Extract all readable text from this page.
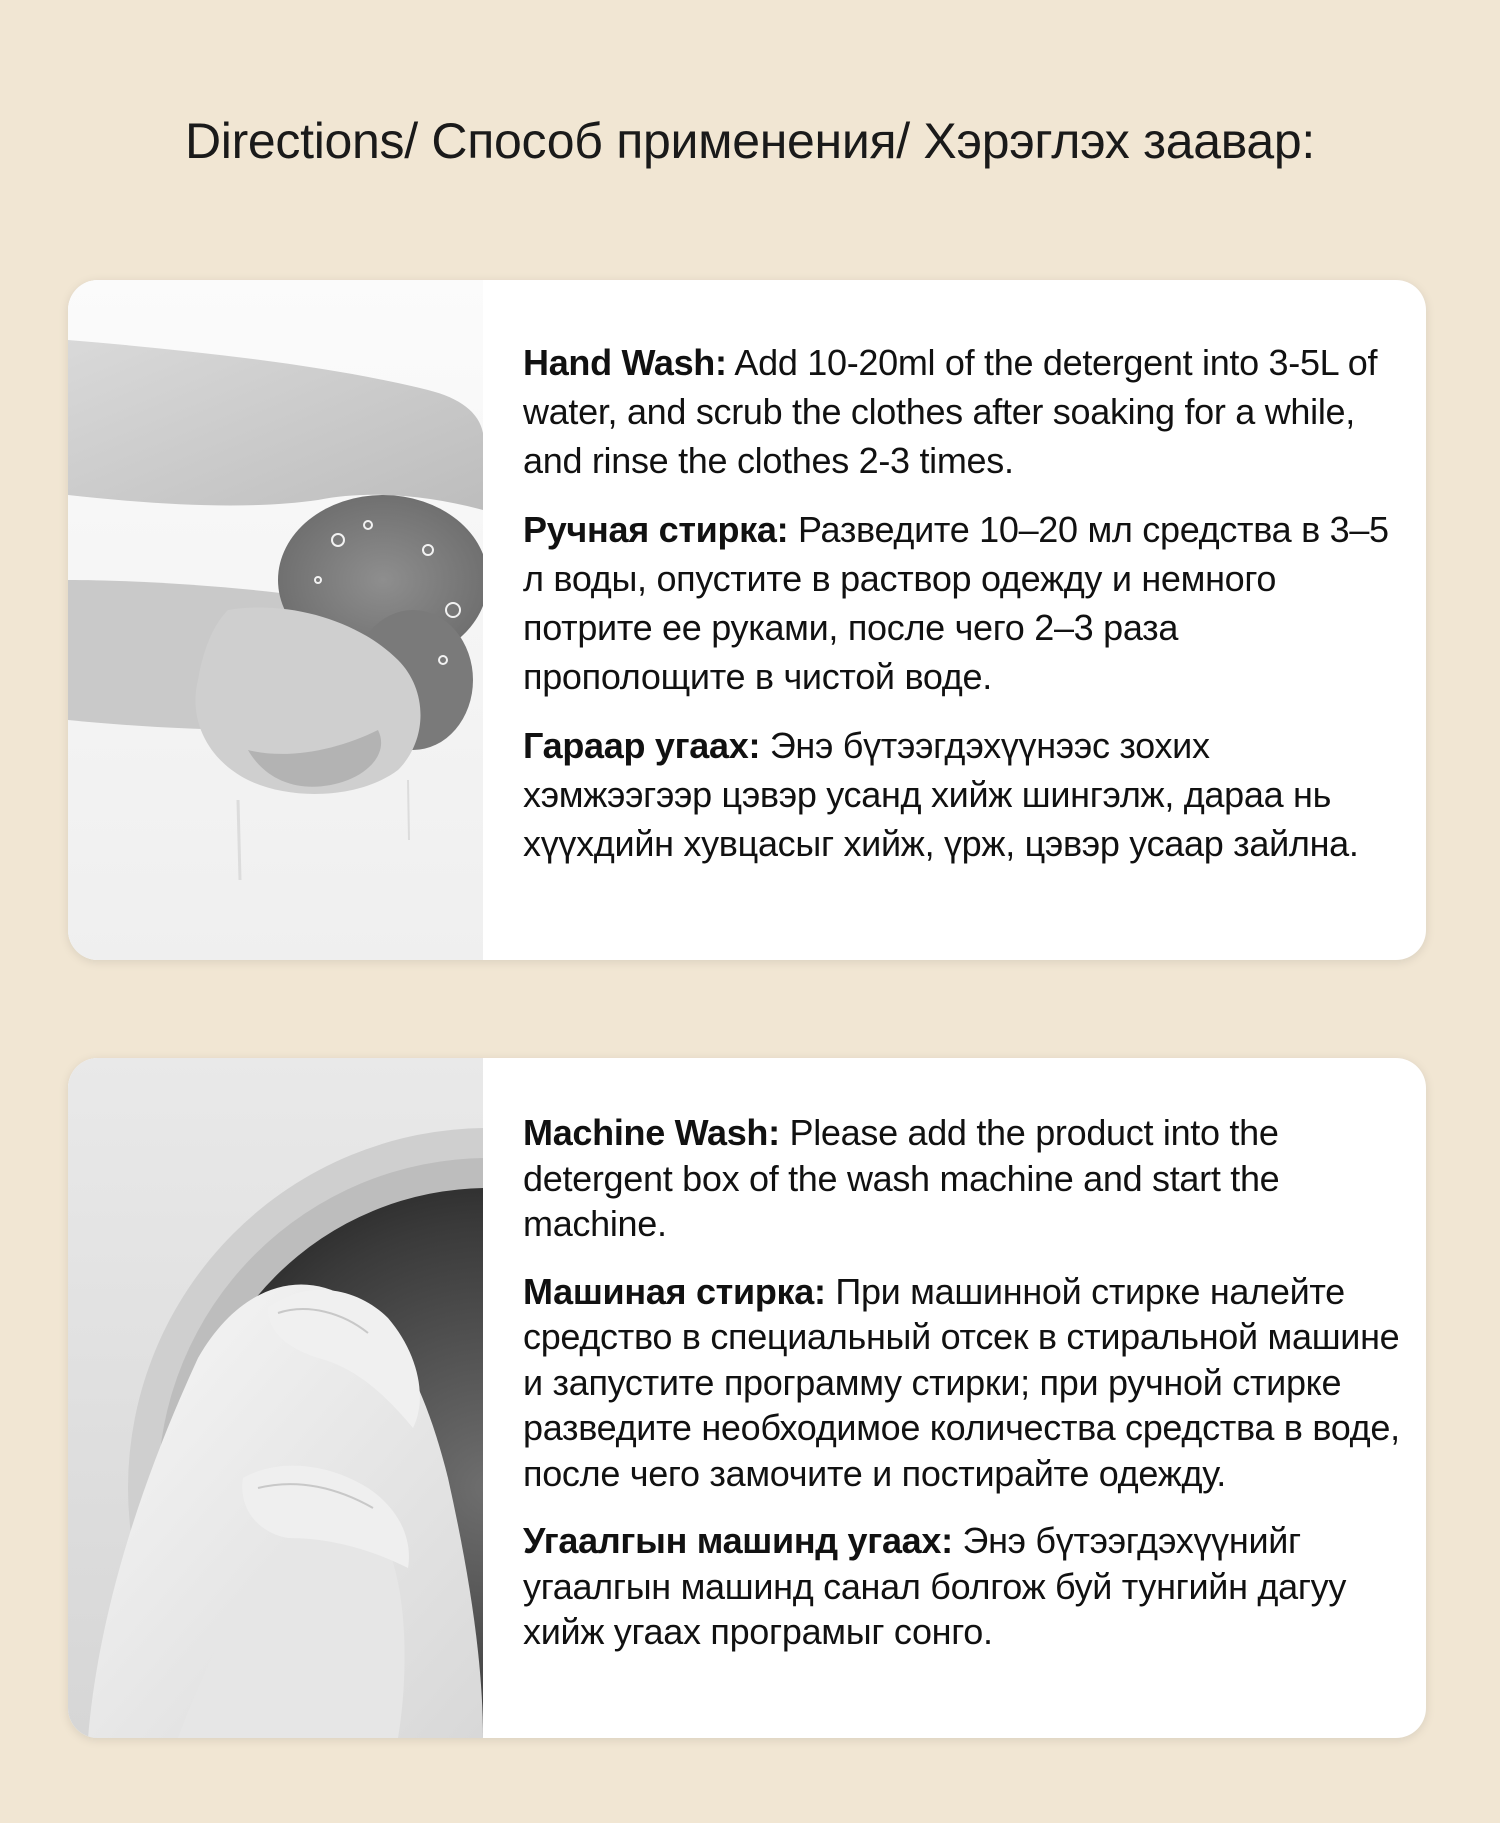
Directions/ Способ применения/ Хэрэглэх заавар:

Hand Wash: Add 10-20ml of the detergent into 3-5L of water, and scrub the clothes after soaking for a while, and rinse the clothes 2-3 times.

Ручная стирка: Разведите 10–20 мл средства в 3–5 л воды, опустите в раствор одежду и немного потрите ее руками, после чего 2–3 раза прополощите в чистой воде.

Гараар угаах: Энэ бүтээгдэхүүнээс зохих хэмжээгээр цэвэр усанд хийж шингэлж, дараа нь хүүхдийн хувцасыг хийж, үрж, цэвэр усаар зайлна.

Machine Wash: Please add the product into the detergent box of the wash machine and start the machine.

Машиная стирка: При машинной стирке налейте средство в специальный отсек в стиральной машине и запустите программу стирки; при ручной стирке разведите необходимое количества средства в воде, после чего замочите и постирайте одежду.

Угаалгын машинд угаах: Энэ бүтээгдэхүүнийг угаалгын машинд санал болгож буй тунгийн дагуу хийж угаах програмыг сонго.
